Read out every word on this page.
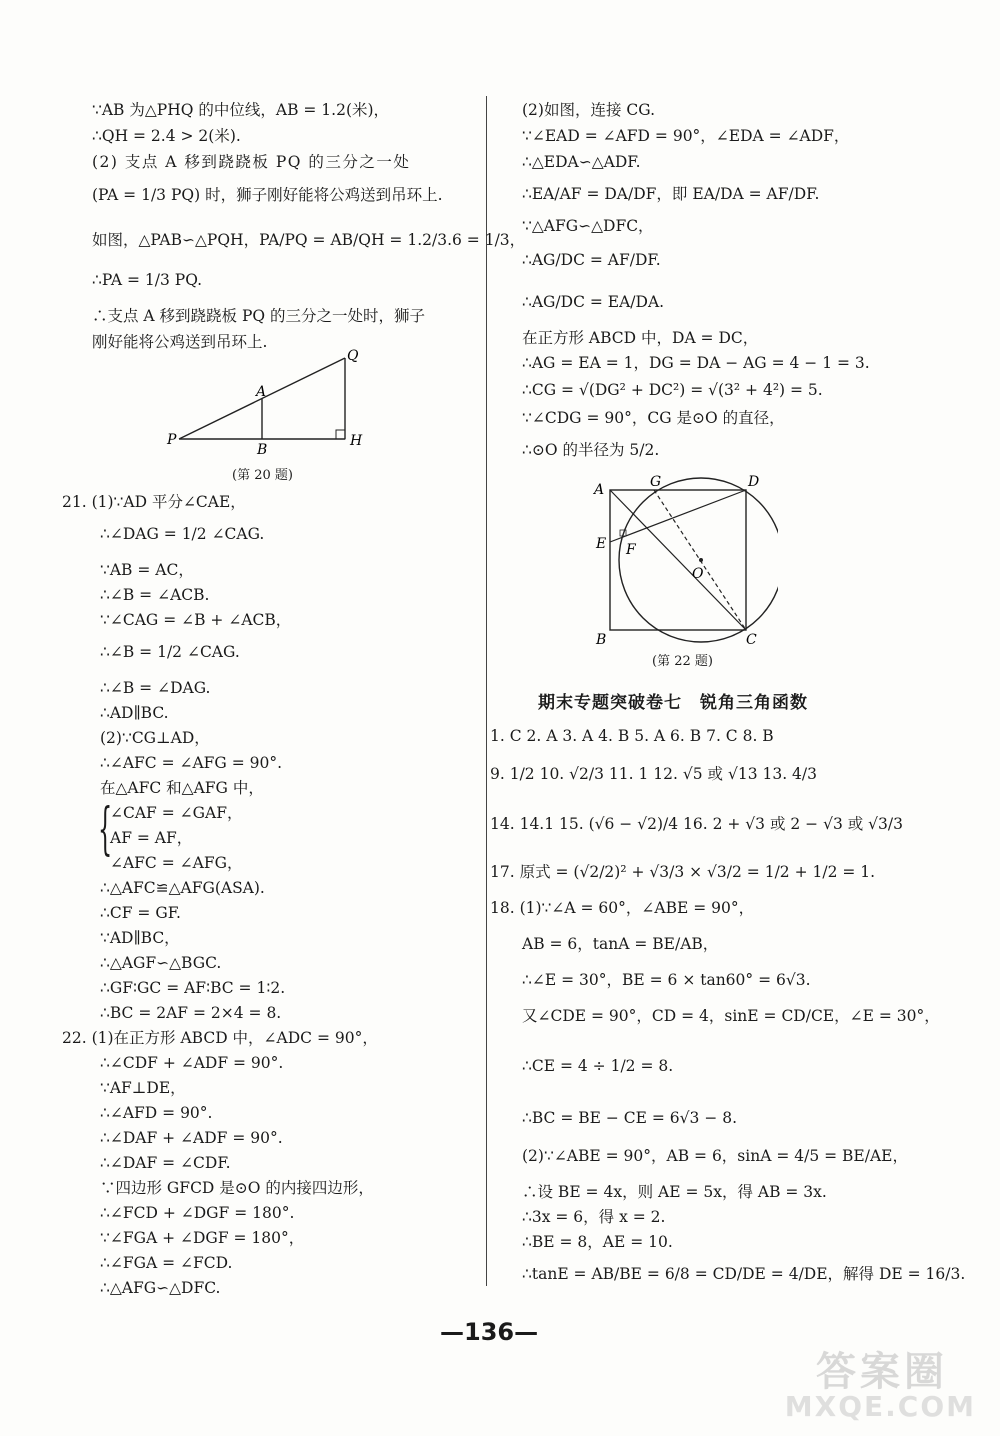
∵AB 为△PHQ 的中位线，AB = 1.2(米)，
∴QH = 2.4 > 2(米).
(2) 支点 A 移到跷跷板 PQ 的三分之一处
(PA = 1/3 PQ) 时，狮子刚好能将公鸡送到吊环上.
如图，△PAB∽△PQH，PA/PQ = AB/QH = 1.2/3.6 = 1/3，
∴PA = 1/3 PQ.
∴支点 A 移到跷跷板 PQ 的三分之一处时，狮子
刚好能将公鸡送到吊环上.
P
A
B
Q
H
(第 20 题)
21. (1)∵AD 平分∠CAE，
∴∠DAG = 1/2 ∠CAG.
∵AB = AC，
∴∠B = ∠ACB.
∵∠CAG = ∠B + ∠ACB，
∴∠B = 1/2 ∠CAG.
∴∠B = ∠DAG.
∴AD∥BC.
(2)∵CG⊥AD，
∴∠AFC = ∠AFG = 90°.
在△AFC 和△AFG 中，
{
∠CAF = ∠GAF，
AF = AF，
∠AFC = ∠AFG，
∴△AFC≌△AFG(ASA).
∴CF = GF.
∵AD∥BC，
∴△AGF∽△BGC.
∴GF∶GC = AF∶BC = 1∶2.
∴BC = 2AF = 2×4 = 8.
22. (1)在正方形 ABCD 中，∠ADC = 90°，
∴∠CDF + ∠ADF = 90°.
∵AF⊥DE，
∴∠AFD = 90°.
∴∠DAF + ∠ADF = 90°.
∴∠DAF = ∠CDF.
∵四边形 GFCD 是⊙O 的内接四边形，
∴∠FCD + ∠DGF = 180°.
∵∠FGA + ∠DGF = 180°，
∴∠FGA = ∠FCD.
∴△AFG∽△DFC.
(2)如图，连接 CG.
∵∠EAD = ∠AFD = 90°，∠EDA = ∠ADF，
∴△EDA∽△ADF.
∴EA/AF = DA/DF，即 EA/DA = AF/DF.
∵△AFG∽△DFC，
∴AG/DC = AF/DF.
∴AG/DC = EA/DA.
在正方形 ABCD 中，DA = DC，
∴AG = EA = 1，DG = DA − AG = 4 − 1 = 3.
∴CG = √(DG² + DC²) = √(3² + 4²) = 5.
∵∠CDG = 90°，CG 是⊙O 的直径，
∴⊙O 的半径为 5/2.
A	G	D
E F
O
B	C
(第 22 题)
期末专题突破卷七　锐角三角函数
1. C 2. A 3. A 4. B 5. A 6. B 7. C 8. B
9. 1/2 10. √2/3 11. 1 12. √5 或 √13 13. 4/3
14. 14.1 15. (√6 − √2)/4 16. 2 + √3 或 2 − √3 或 √3/3
17. 原式 = (√2/2)² + √3/3 × √3/2 = 1/2 + 1/2 = 1.
18. (1)∵∠A = 60°，∠ABE = 90°，
AB = 6，tanA = BE/AB，
∴∠E = 30°，BE = 6 × tan60° = 6√3.
又∠CDE = 90°，CD = 4，sinE = CD/CE，∠E = 30°，
∴CE = 4 ÷ 1/2 = 8.
∴BC = BE − CE = 6√3 − 8.
(2)∵∠ABE = 90°，AB = 6，sinA = 4/5 = BE/AE，
∴设 BE = 4x，则 AE = 5x，得 AB = 3x.
∴3x = 6，得 x = 2.
∴BE = 8，AE = 10.
∴tanE = AB/BE = 6/8 = CD/DE = 4/DE，解得 DE = 16/3.
—136—
答案圈
MXQE.COM
